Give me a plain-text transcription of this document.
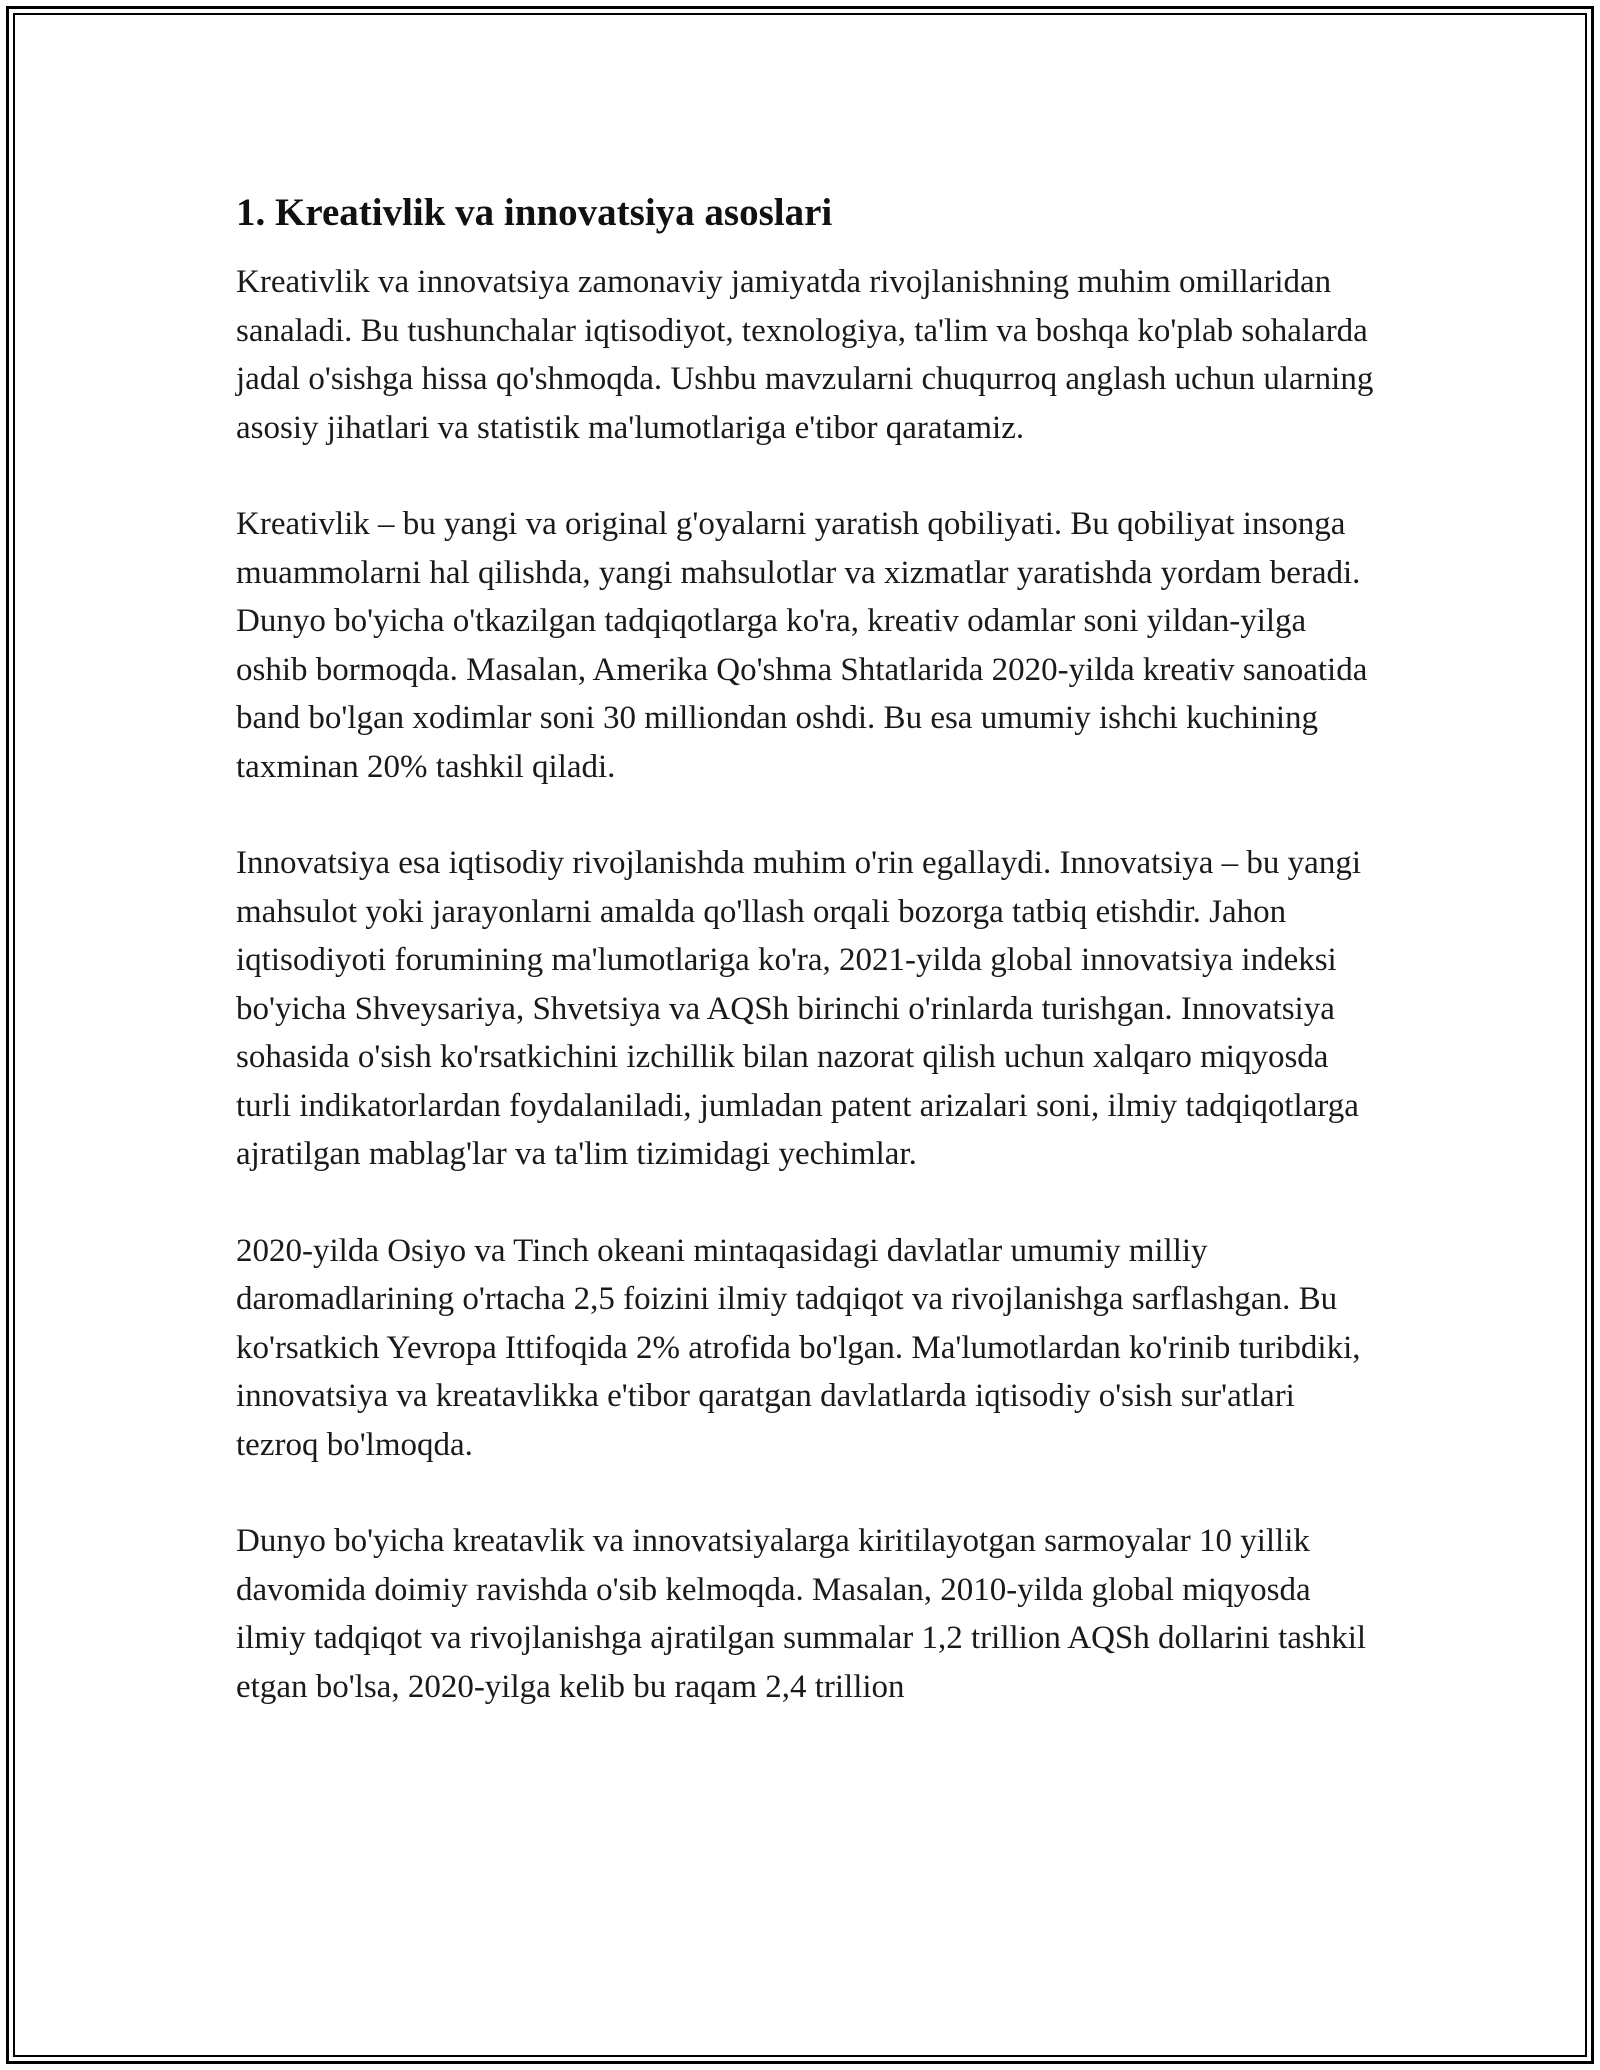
1. Kreativlik va innovatsiya asoslari

Kreativlik va innovatsiya zamonaviy jamiyatda rivojlanishning muhim omillaridan sanaladi. Bu tushunchalar iqtisodiyot, texnologiya, ta'lim va boshqa ko'plab sohalarda jadal o'sishga hissa qo'shmoqda. Ushbu mavzularni chuqurroq anglash uchun ularning asosiy jihatlari va statistik ma'lumotlariga e'tibor qaratamiz.

Kreativlik – bu yangi va original g'oyalarni yaratish qobiliyati. Bu qobiliyat insonga muammolarni hal qilishda, yangi mahsulotlar va xizmatlar yaratishda yordam beradi. Dunyo bo'yicha o'tkazilgan tadqiqotlarga ko'ra, kreativ odamlar soni yildan-yilga oshib bormoqda. Masalan, Amerika Qo'shma Shtatlarida 2020-yilda kreativ sanoatida band bo'lgan xodimlar soni 30 milliondan oshdi. Bu esa umumiy ishchi kuchining taxminan 20% tashkil qiladi.

Innovatsiya esa iqtisodiy rivojlanishda muhim o'rin egallaydi. Innovatsiya – bu yangi mahsulot yoki jarayonlarni amalda qo'llash orqali bozorga tatbiq etishdir. Jahon iqtisodiyoti forumining ma'lumotlariga ko'ra, 2021-yilda global innovatsiya indeksi bo'yicha Shveysariya, Shvetsiya va AQSh birinchi o'rinlarda turishgan. Innovatsiya sohasida o'sish ko'rsatkichini izchillik bilan nazorat qilish uchun xalqaro miqyosda turli indikatorlardan foydalaniladi, jumladan patent arizalari soni, ilmiy tadqiqotlarga ajratilgan mablag'lar va ta'lim tizimidagi yechimlar.

2020-yilda Osiyo va Tinch okeani mintaqasidagi davlatlar umumiy milliy daromadlarining o'rtacha 2,5 foizini ilmiy tadqiqot va rivojlanishga sarflashgan. Bu ko'rsatkich Yevropa Ittifoqida 2% atrofida bo'lgan. Ma'lumotlardan ko'rinib turibdiki, innovatsiya va kreatavlikka e'tibor qaratgan davlatlarda iqtisodiy o'sish sur'atlari tezroq bo'lmoqda.

Dunyo bo'yicha kreatavlik va innovatsiyalarga kiritilayotgan sarmoyalar 10 yillik davomida doimiy ravishda o'sib kelmoqda. Masalan, 2010-yilda global miqyosda ilmiy tadqiqot va rivojlanishga ajratilgan summalar 1,2 trillion AQSh dollarini tashkil etgan bo'lsa, 2020-yilga kelib bu raqam 2,4 trillion
